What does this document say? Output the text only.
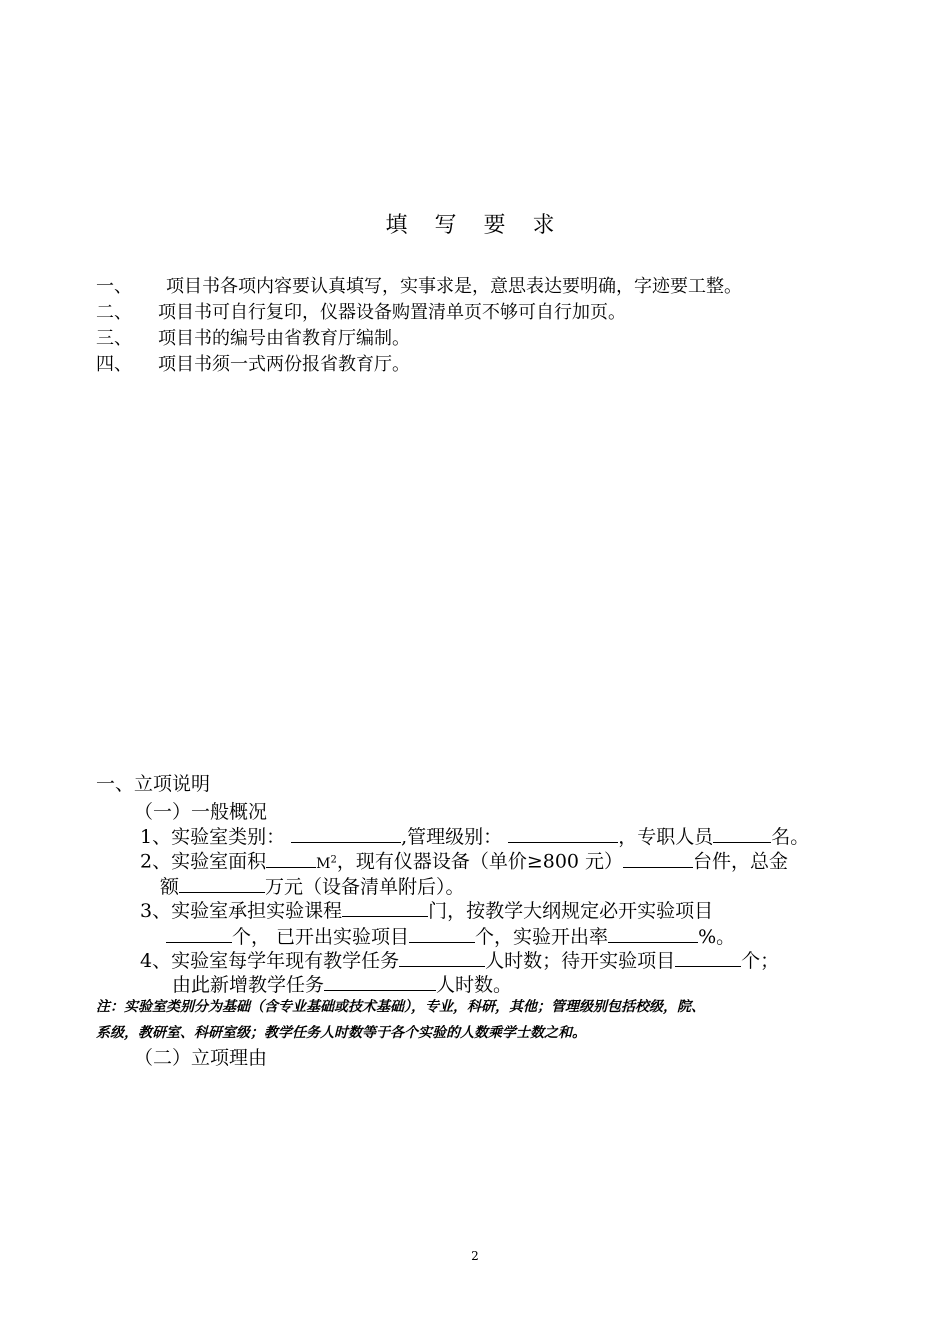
填 写 要 求
一、 项目书各项内容要认真填写，实事求是，意思表达要明确，字迹要工整。
二、 项目书可自行复印，仪器设备购置清单页不够可自行加页。
三、 项目书的编号由省教育厅编制。
四、 项目书须一式两份报省教育厅。
一、立项说明
（一）一般概况
1、实验室类别：	,管理级别：	，专职人员	名。
2、实验室面积	$M^2$，现有仪器设备（单价≥800 元）	台件，总金
额	万元（设备清单附后）。
3、实验室承担实验课程	门，按教学大纲规定必开实验项目
个， 已开出实验项目	个，实验开出率	%。
4、实验室每学年现有教学任务	人时数；待开实验项目	个；
由此新增教学任务	人时数。
注：实验室类别分为基础（含专业基础或技术基础），专业，科研，其他；管理级别包括校级，院、
系级，教研室、科研室级；教学任务人时数等于各个实验的人数乘学士数之和。
（二）立项理由
2
